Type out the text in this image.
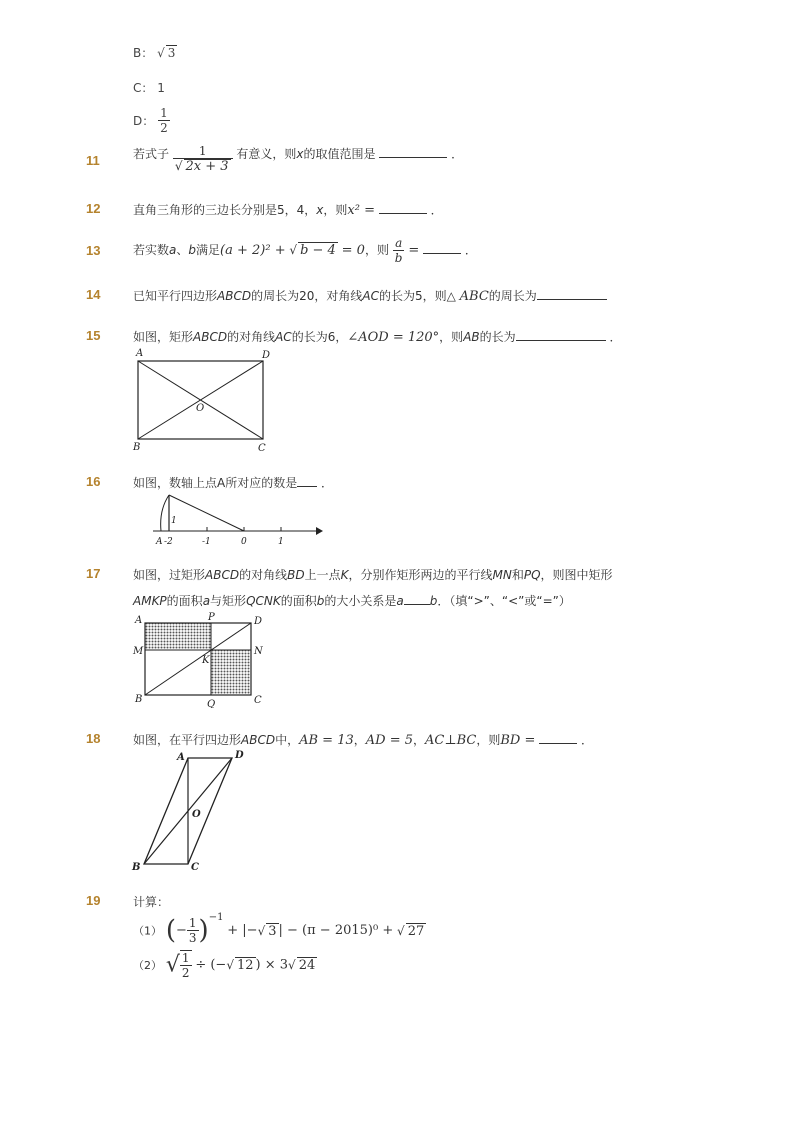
B： √ 3
C： 1
D： $\frac{1}{2}$
11	若式子 $\frac{1}{√ 2x + 3}$ 有意义，则x的取值范围是	．
12	直角三角形的三边长分别是5，4，x，则x² =	．
13	若实数a、b满足(a + 2)² + √ b − 4 = 0，则 $\frac{a}{b}$ =	．
14	已知平行四边形ABCD的周长为20，对角线AC的长为5，则△ ABC的周长为
15	如图，矩形ABCD的对角线AC的长为6，∠AOD = 120°，则AB的长为	．
A	D
O
B	C
16	如图，数轴上点A所对应的数是 ．
1
A -2	-1	0	1
17	如图，过矩形ABCD的对角线BD上一点K，分别作矩形两边的平行线MN和PQ，则图中矩形
AMKP的面积a与矩形QCNK的面积b的大小关系是a b．（填“>”、“<”或“=”）
A	P	D
M
K
N
B	Q	C
18	如图，在平行四边形ABCD中，AB = 13，AD = 5，AC⊥BC，则BD =	．
A	D
O
B	C
19	计算：
（1） (− $\frac{1}{3} )^{-1}$ + |−√ 3 | − (π − 2015)⁰ + √ 27
（2） √ $\frac{1}{2}$ ÷ (−√ 12 ) × 3√ 24
